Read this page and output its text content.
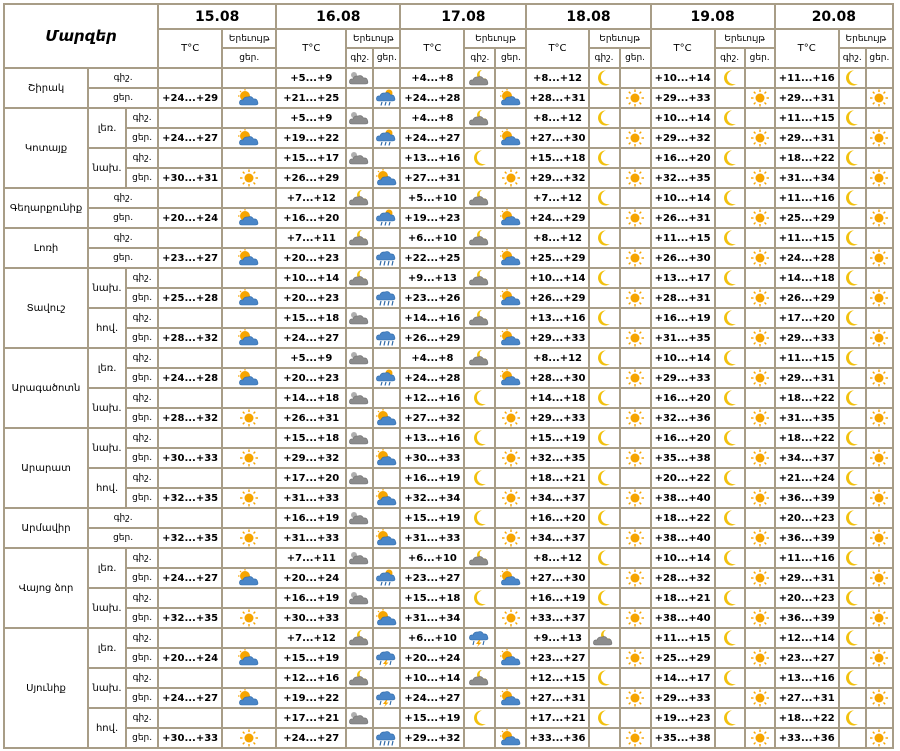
Մարզեր			15.08		16.08			17.08			18.08			19.08			20.08		
			T°C	Երեւույթ	T°C	Երեւույթ		T°C	Երեւույթ		T°C	Երեւույթ		T°C	Երեւույթ		T°C	Երեւույթ	
				ցեր.		գիշ.	ցեր.		գիշ.	ցեր.		գիշ.	ցեր.		գիշ.	ցեր.		գիշ.	ցեր.
Շիրակ	գիշ.				+5...+9			+4...+8			+8...+12			+10...+14			+11...+16	

	ցեր.		+24...+29		+21...+25			+24...+28			+28...+31			+29...+33			+29...+31		

Կոտայք	լեռ.	գիշ.			+5...+9			+4...+8			+8...+12			+10...+14			+11...+15	

		ցեր.	+24...+27		+19...+22			+24...+27			+27...+30			+29...+32			+29...+31		

	նախ.	գիշ.			+15...+17			+13...+16			+15...+18			+16...+20			+18...+22	

		ցեր.	+30...+31		+26...+29			+27...+31			+29...+32			+32...+35			+31...+34		

Գեղարքունիք	գիշ.				+7...+12			+5...+10			+7...+12			+10...+14			+11...+16	

	ցեր.		+20...+24		+16...+20			+19...+23			+24...+29			+26...+31			+25...+29		

Լոռի	գիշ.				+7...+11			+6...+10			+8...+12			+11...+15			+11...+15	

	ցեր.		+23...+27		+20...+23			+22...+25			+25...+29			+26...+30			+24...+28		

Տավուշ	նախ.	գիշ.			+10...+14			+9...+13			+10...+14			+13...+17			+14...+18	

		ցեր.	+25...+28		+20...+23			+23...+26			+26...+29			+28...+31			+26...+29		

	հով.	գիշ.			+15...+18			+14...+16			+13...+16			+16...+19			+17...+20	

		ցեր.	+28...+32		+24...+27			+26...+29			+29...+33			+31...+35			+29...+33		

Արագածոտն	լեռ.	գիշ.			+5...+9			+4...+8			+8...+12			+10...+14			+11...+15	

		ցեր.	+24...+28		+20...+23			+24...+28			+28...+30			+29...+33			+29...+31		

	նախ.	գիշ.			+14...+18			+12...+16			+14...+18			+16...+20			+18...+22	

		ցեր.	+28...+32		+26...+31			+27...+32			+29...+33			+32...+36			+31...+35		

Արարատ	նախ.	գիշ.			+15...+18			+13...+16			+15...+19			+16...+20			+18...+22	

		ցեր.	+30...+33		+29...+32			+30...+33			+32...+35			+35...+38			+34...+37		

	հով.	գիշ.			+17...+20			+16...+19			+18...+21			+20...+22			+21...+24	

		ցեր.	+32...+35		+31...+33			+32...+34			+34...+37			+38...+40			+36...+39		

Արմավիր	գիշ.				+16...+19			+15...+19			+16...+20			+18...+22			+20...+23	

	ցեր.		+32...+35		+31...+33			+31...+33			+34...+37			+38...+40			+36...+39		

Վայոց ձոր	լեռ.	գիշ.			+7...+11			+6...+10			+8...+12			+10...+14			+11...+16	

		ցեր.	+24...+27		+20...+24			+23...+27			+27...+30			+28...+32			+29...+31		

	նախ.	գիշ.			+16...+19			+15...+18			+16...+19			+18...+21			+20...+23	

		ցեր.	+32...+35		+30...+33			+31...+34			+33...+37			+38...+40			+36...+39		

Սյունիք	լեռ.	գիշ.			+7...+12			+6...+10			+9...+13			+11...+15			+12...+14	

		ցեր.	+20...+24		+15...+19			+20...+24			+23...+27			+25...+29			+23...+27		

	նախ.	գիշ.			+12...+16			+10...+14			+12...+15			+14...+17			+13...+16	

		ցեր.	+24...+27		+19...+22			+24...+27			+27...+31			+29...+33			+27...+31		

	հով.	գիշ.			+17...+21			+15...+19			+17...+21			+19...+23			+18...+22	

		ցեր.	+30...+33		+24...+27			+29...+32			+33...+36			+35...+38			+33...+36		
